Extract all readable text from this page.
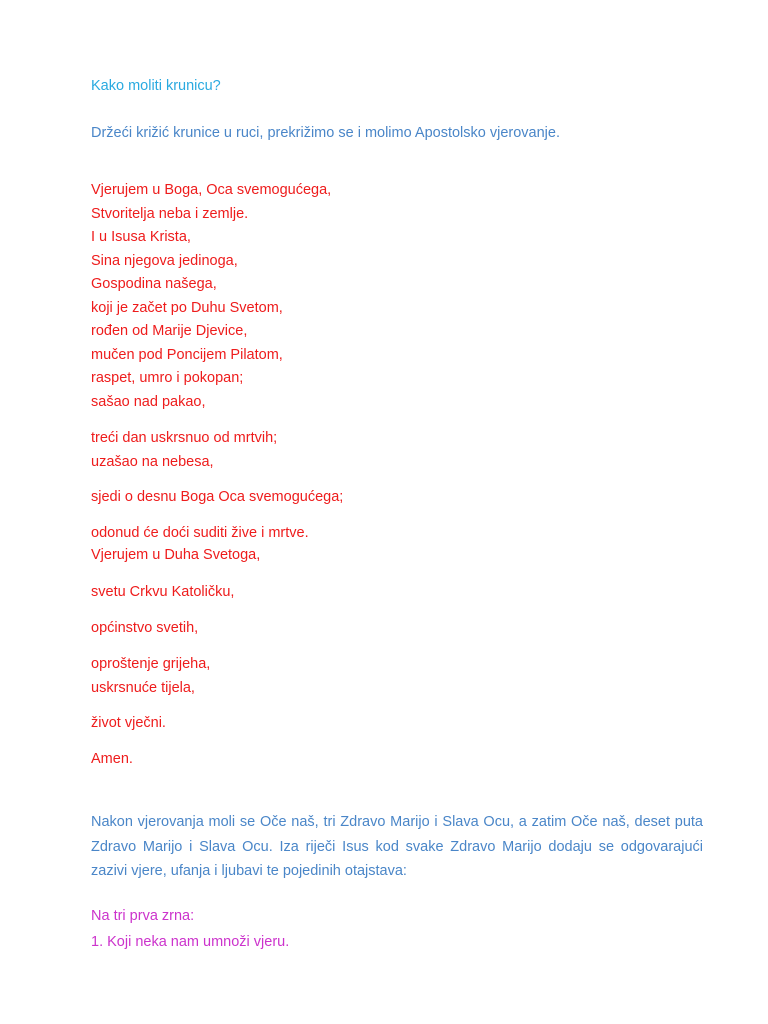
Kako moliti krunicu?
Držeći križić krunice u ruci, prekrižimo se i molimo Apostolsko vjerovanje.
Vjerujem u Boga, Oca svemogućega,
Stvoritelja neba i zemlje.
I u Isusa Krista,
Sina njegova jedinoga,
Gospodina našega,
koji je začet po Duhu Svetom,
rođen od Marije Djevice,
mučen pod Poncijem Pilatom,
raspet, umro i pokopan;
sašao nad pakao,
treći dan uskrsnuo od mrtvih;
uzašao na nebesa,
sjedi o desnu Boga Oca svemogućega;
odonud će doći suditi žive i mrtve.
Vjerujem u Duha Svetoga,
svetu Crkvu Katoličku,
općinstvo svetih,
oproštenje grijeha,
uskrsnuće tijela,
život vječni.
Amen.
Nakon vjerovanja moli se Oče naš, tri Zdravo Marijo i Slava Ocu, a zatim Oče naš, deset puta Zdravo Marijo i Slava Ocu. Iza riječi Isus kod svake Zdravo Marijo dodaju se odgovarajući zazivi vjere, ufanja i ljubavi te pojedinih otajstava:
Na tri prva zrna:
1. Koji neka nam umnoži vjeru.
